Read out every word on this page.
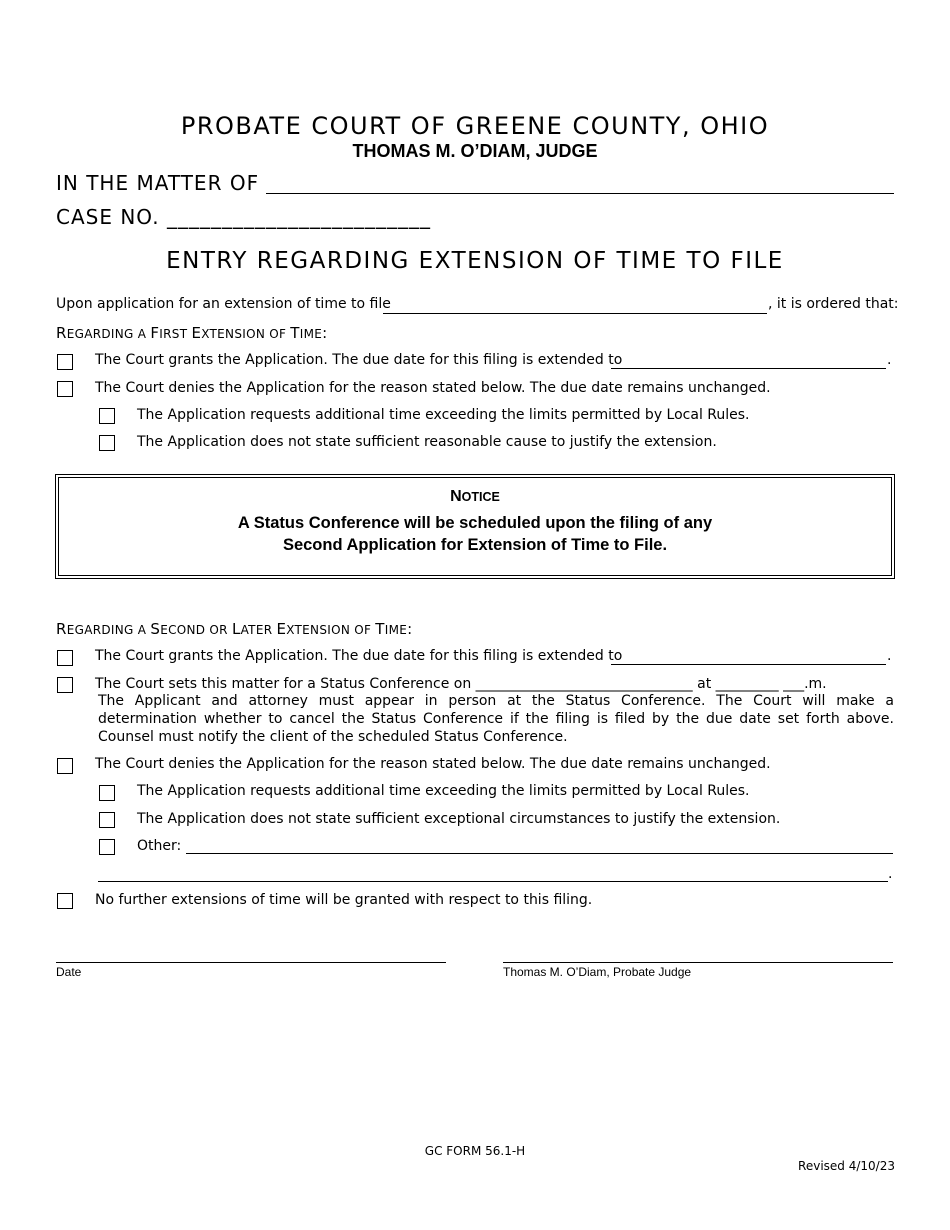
PROBATE COURT OF GREENE COUNTY, OHIO
THOMAS M. O’DIAM, JUDGE
IN THE MATTER OF
CASE NO. ________________________
ENTRY REGARDING EXTENSION OF TIME TO FILE
Upon application for an extension of time to file	, it is ordered that:
REGARDING A FIRST EXTENSION OF TIME:
The Court grants the Application. The due date for this filing is extended to	.
The Court denies the Application for the reason stated below. The due date remains unchanged.
The Application requests additional time exceeding the limits permitted by Local Rules.
The Application does not state sufficient reasonable cause to justify the extension.
NOTICE
A Status Conference will be scheduled upon the filing of any
Second Application for Extension of Time to File.
REGARDING A SECOND OR LATER EXTENSION OF TIME:
The Court grants the Application. The due date for this filing is extended to	.
The Court sets this matter for a Status Conference on _______________________________ at _________ ___.m.
The Applicant and attorney must appear in person at the Status Conference. The Court will make a determination whether to cancel the Status Conference if the filing is filed by the due date set forth above. Counsel must notify the client of the scheduled Status Conference.
The Court denies the Application for the reason stated below. The due date remains unchanged.
The Application requests additional time exceeding the limits permitted by Local Rules.
The Application does not state sufficient exceptional circumstances to justify the extension.
Other:
.
No further extensions of time will be granted with respect to this filing.
Date	Thomas M. O’Diam, Probate Judge
GC FORM 56.1-H
Revised 4/10/23
